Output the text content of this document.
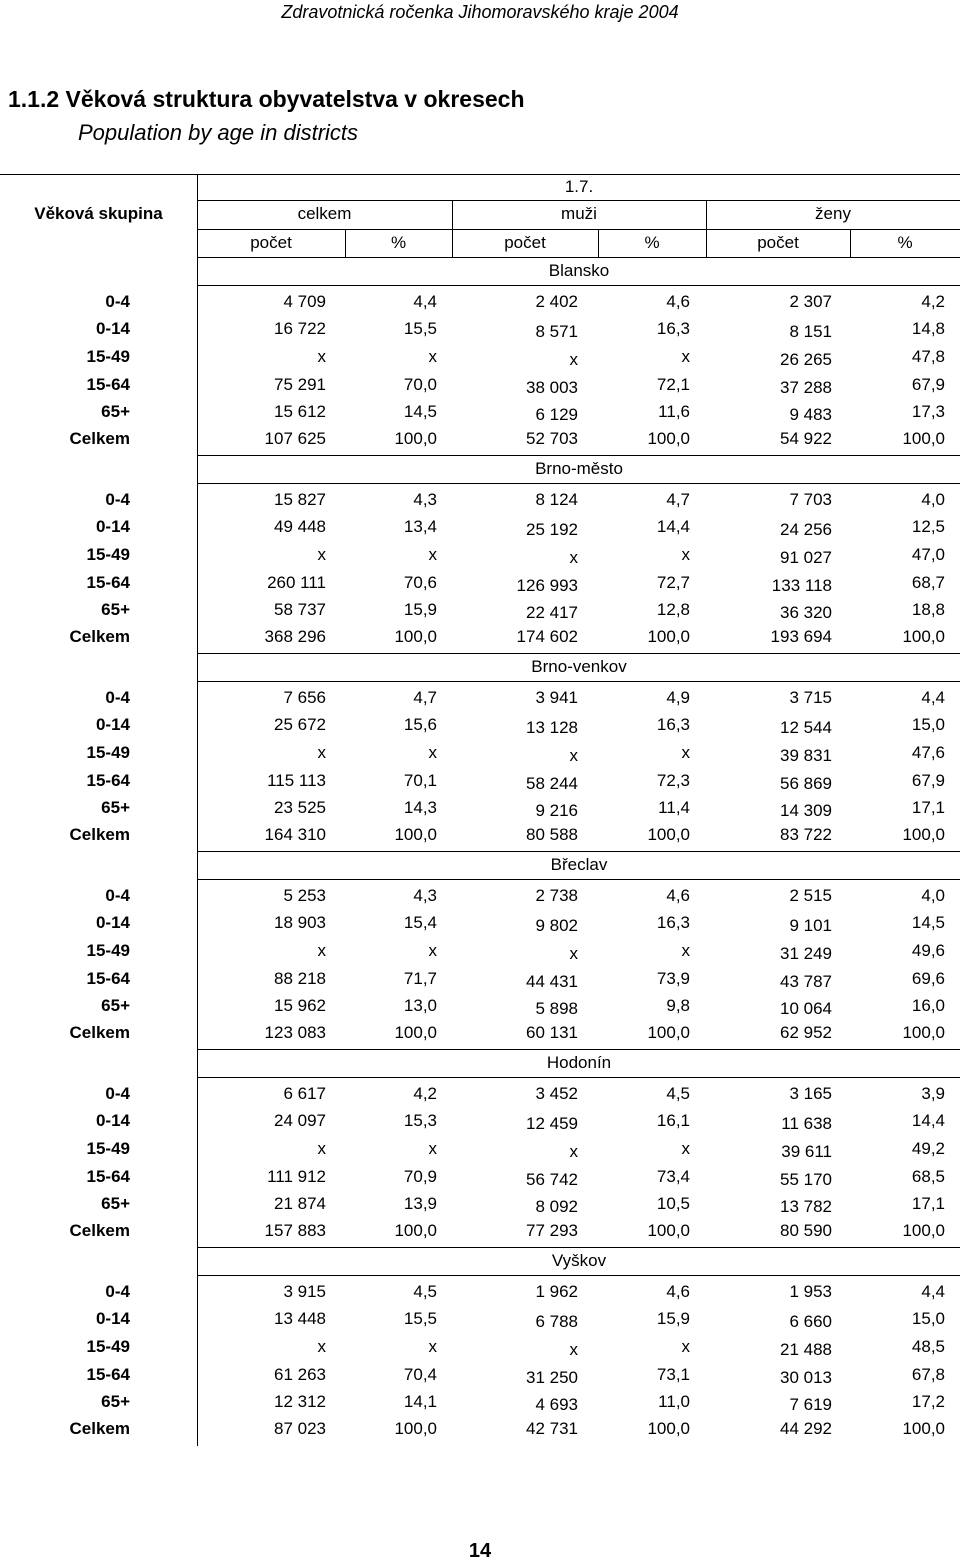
Zdravotnická ročenka Jihomoravského kraje 2004
1.1.2 Věková struktura obyvatelstva v okresech
Population by age in districts
1.7.
Věková skupina	celkem	muži	ženy
počet	%	počet	%	počet	%
Blansko
0-4	4 709	4,4	2 402	4,6	2 307	4,2
0-14	16 722	15,5	8 571	16,3	8 151	14,8
15-49	x	x	x	x	26 265	47,8
15-64	75 291	70,0	38 003	72,1	37 288	67,9
65+	15 612	14,5	6 129	11,6	9 483	17,3
Celkem	107 625	100,0	52 703	100,0	54 922	100,0
Brno-město
0-4	15 827	4,3	8 124	4,7	7 703	4,0
0-14	49 448	13,4	25 192	14,4	24 256	12,5
15-49	x	x	x	x	91 027	47,0
15-64	260 111	70,6	126 993	72,7	133 118	68,7
65+	58 737	15,9	22 417	12,8	36 320	18,8
Celkem	368 296	100,0	174 602	100,0	193 694	100,0
Brno-venkov
0-4	7 656	4,7	3 941	4,9	3 715	4,4
0-14	25 672	15,6	13 128	16,3	12 544	15,0
15-49	x	x	x	x	39 831	47,6
15-64	115 113	70,1	58 244	72,3	56 869	67,9
65+	23 525	14,3	9 216	11,4	14 309	17,1
Celkem	164 310	100,0	80 588	100,0	83 722	100,0
Břeclav
0-4	5 253	4,3	2 738	4,6	2 515	4,0
0-14	18 903	15,4	9 802	16,3	9 101	14,5
15-49	x	x	x	x	31 249	49,6
15-64	88 218	71,7	44 431	73,9	43 787	69,6
65+	15 962	13,0	5 898	9,8	10 064	16,0
Celkem	123 083	100,0	60 131	100,0	62 952	100,0
Hodonín
0-4	6 617	4,2	3 452	4,5	3 165	3,9
0-14	24 097	15,3	12 459	16,1	11 638	14,4
15-49	x	x	x	x	39 611	49,2
15-64	111 912	70,9	56 742	73,4	55 170	68,5
65+	21 874	13,9	8 092	10,5	13 782	17,1
Celkem	157 883	100,0	77 293	100,0	80 590	100,0
Vyškov
0-4	3 915	4,5	1 962	4,6	1 953	4,4
0-14	13 448	15,5	6 788	15,9	6 660	15,0
15-49	x	x	x	x	21 488	48,5
15-64	61 263	70,4	31 250	73,1	30 013	67,8
65+	12 312	14,1	4 693	11,0	7 619	17,2
Celkem	87 023	100,0	42 731	100,0	44 292	100,0
14
